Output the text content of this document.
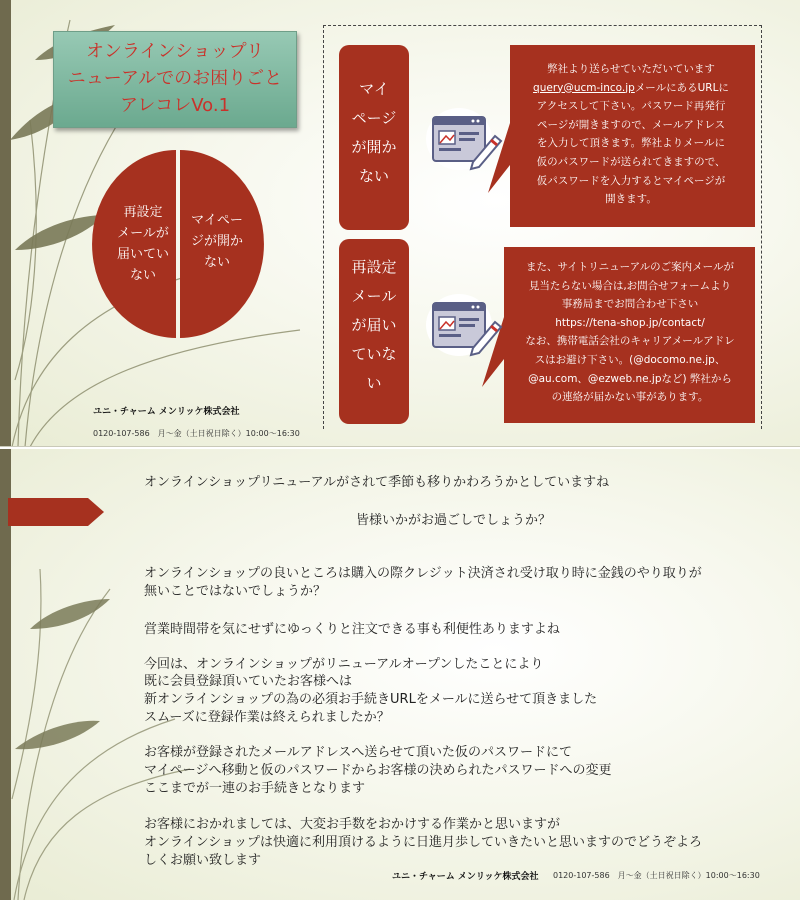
オンラインショップリ
ニューアルでのお困りごと
アレコレVo.1
再設定
メールが
届いてい
ない
マイペー
ジが開か
ない
ユニ・チャーム メンリッケ株式会社
0120-107-586　月～金（土日祝日除く）10:00～16:30
マイ
ページ
が開か
ない
弊社より送らせていただいています
query@ucm-inco.jpメールにあるURLに
アクセスして下さい。パスワード再発行
ページが開きますので、メールアドレス
を入力して頂きます。弊社よりメールに
仮のパスワードが送られてきますので、
仮パスワードを入力するとマイページが
開きます。
再設定
メール
が届い
ていな
い
また、サイトリニューアルのご案内メールが
見当たらない場合は,お問合せフォームより
事務局までお問合わせ下さい
https://tena-shop.jp/contact/
なお、携帯電話会社のキャリアメールアドレ
スはお避け下さい。(@docomo.ne.jp、
@au.com、@ezweb.ne.jpなど) 弊社から
の連絡が届かない事があります。
オンラインショップリニューアルがされて季節も移りかわろうかとしていますね
皆様いかがお過ごしでしょうか？
オンラインショップの良いところは購入の際クレジット決済され受け取り時に金銭のやり取りが
無いことではないでしょうか？
営業時間帯を気にせずにゆっくりと注文できる事も利便性ありますよね
今回は、オンラインショップがリニューアルオープンしたことにより
既に会員登録頂いていたお客様へは
新オンラインショップの為の必須お手続きURLをメールに送らせて頂きました
スムーズに登録作業は終えられましたか？
お客様が登録されたメールアドレスへ送らせて頂いた仮のパスワードにて
マイページへ移動と仮のパスワードからお客様の決められたパスワードへの変更
ここまでが一連のお手続きとなります
お客様におかれましては、大変お手数をおかけする作業かと思いますが
オンラインショップは快適に利用頂けるように日進月歩していきたいと思いますのでどうぞよろ
しくお願い致します
ユニ・チャーム メンリッケ株式会社 0120-107-586　月～金（土日祝日除く）10:00～16:30
